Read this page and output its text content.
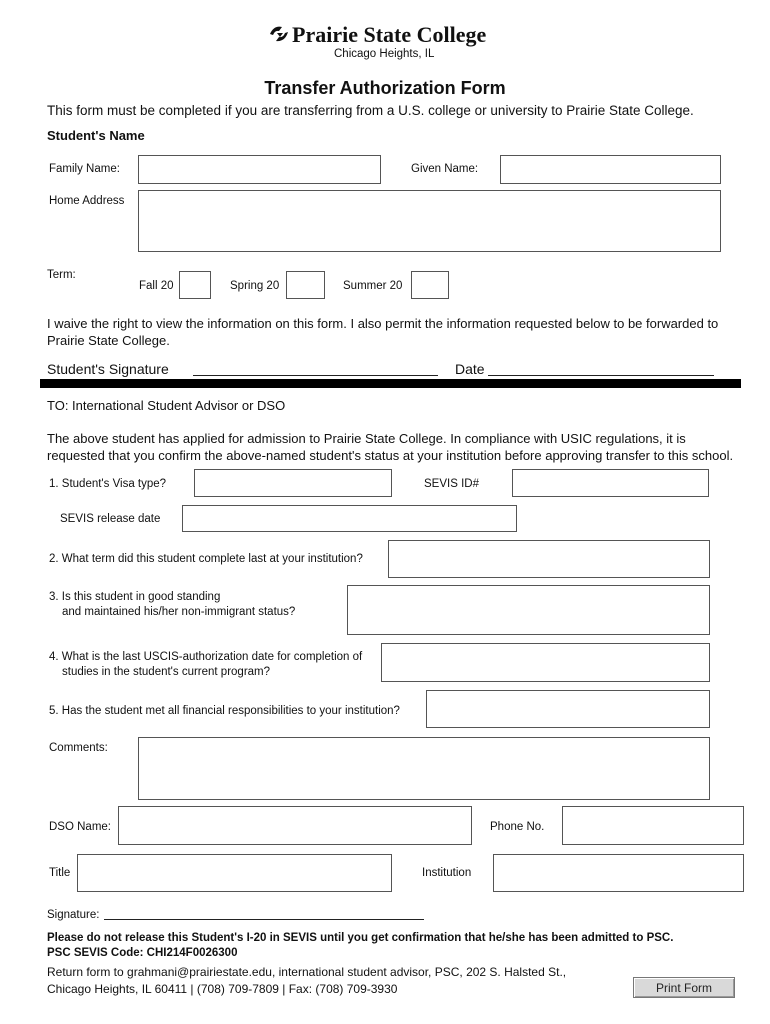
Prairie State College
Chicago Heights, IL
Transfer Authorization Form
This form must be completed if you are transferring from a U.S. college or university to Prairie State College.
Student's Name
Family Name:	Given Name:
Home Address
Term:
Fall 20	Spring 20	Summer 20
I waive the right to view the information on this form. I also permit the information requested below to be forwarded to Prairie State College.
Student's Signature	Date
TO: International Student Advisor or DSO
The above student has applied for admission to Prairie State College. In compliance with USIC regulations, it is requested that you confirm the above-named student's status at your institution before approving transfer to this school.
1. Student's Visa type?	SEVIS ID#
SEVIS release date
2. What term did this student complete last at your institution?
3. Is this student in good standing
and maintained his/her non-immigrant status?
4. What is the last USCIS-authorization date for completion of
studies in the student's current program?
5. Has the student met all financial responsibilities to your institution?
Comments:
DSO Name:	Phone No.
Title	Institution
Signature:
Please do not release this Student's I-20 in SEVIS until you get confirmation that he/she has been admitted to PSC.
PSC SEVIS Code: CHI214F0026300
Return form to grahmani@prairiestate.edu, international student advisor, PSC, 202 S. Halsted St.,
Chicago Heights, IL 60411 | (708) 709-7809 | Fax: (708) 709-3930	Print Form
